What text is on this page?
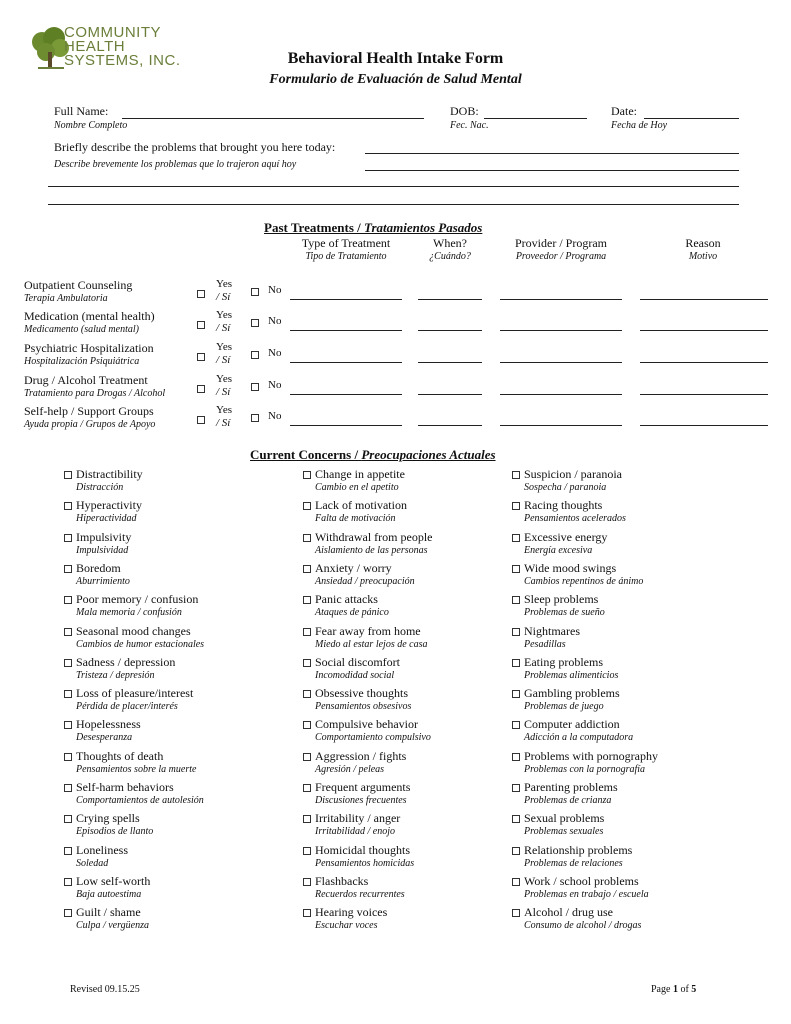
COMMUNITY
HEALTH
SYSTEMS, INC.	Behavioral Health Intake Form
Formulario de Evaluación de Salud Mental
Full Name:
Nombre Completo
DOB:
Fec. Nac.
Date:
Fecha de Hoy
Briefly describe the problems that brought you here today:
Describe brevemente los problemas que lo trajeron aquí hoy
Past Treatments / Tratamientos Pasados
Type of Treatment
Tipo de Tratamiento
When?
¿Cuándo?
Provider / Program
Proveedor / Programa
Reason
Motivo
Outpatient Counseling
Terapia Ambulatoria
Yes
/ Sí
No
Medication (mental health)
Medicamento (salud mental)
Yes
/ Sí
No
Psychiatric Hospitalization
Hospitalización Psiquiátrica
Yes
/ Sí
No
Drug / Alcohol Treatment
Tratamiento para Drogas / Alcohol
Yes
/ Sí
No
Self-help / Support Groups
Ayuda propia / Grupos de Apoyo
Yes
/ Sí
No
Current Concerns / Preocupaciones Actuales
Distractibility
Distracción
Hyperactivity
Hiperactividad
Impulsivity
Impulsividad
Boredom
Aburrimiento
Poor memory / confusion
Mala memoria / confusión
Seasonal mood changes
Cambios de humor estacionales
Sadness / depression
Tristeza / depresión
Loss of pleasure/interest
Pérdida de placer/interés
Hopelessness
Desesperanza
Thoughts of death
Pensamientos sobre la muerte
Self-harm behaviors
Comportamientos de autolesión
Crying spells
Episodios de llanto
Loneliness
Soledad
Low self-worth
Baja autoestima
Guilt / shame
Culpa / vergüenza
Change in appetite
Cambio en el apetito
Lack of motivation
Falta de motivación
Withdrawal from people
Aislamiento de las personas
Anxiety / worry
Ansiedad / preocupación
Panic attacks
Ataques de pánico
Fear away from home
Miedo al estar lejos de casa
Social discomfort
Incomodidad social
Obsessive thoughts
Pensamientos obsesivos
Compulsive behavior
Comportamiento compulsivo
Aggression / fights
Agresión / peleas
Frequent arguments
Discusiones frecuentes
Irritability / anger
Irritabilidad / enojo
Homicidal thoughts
Pensamientos homicidas
Flashbacks
Recuerdos recurrentes
Hearing voices
Escuchar voces
Suspicion / paranoia
Sospecha / paranoia
Racing thoughts
Pensamientos acelerados
Excessive energy
Energía excesiva
Wide mood swings
Cambios repentinos de ánimo
Sleep problems
Problemas de sueño
Nightmares
Pesadillas
Eating problems
Problemas alimenticios
Gambling problems
Problemas de juego
Computer addiction
Adicción a la computadora
Problems with pornography
Problemas con la pornografía
Parenting problems
Problemas de crianza
Sexual problems
Problemas sexuales
Relationship problems
Problemas de relaciones
Work / school problems
Problemas en trabajo / escuela
Alcohol / drug use
Consumo de alcohol / drogas
Revised 09.15.25	Page 1 of 5
